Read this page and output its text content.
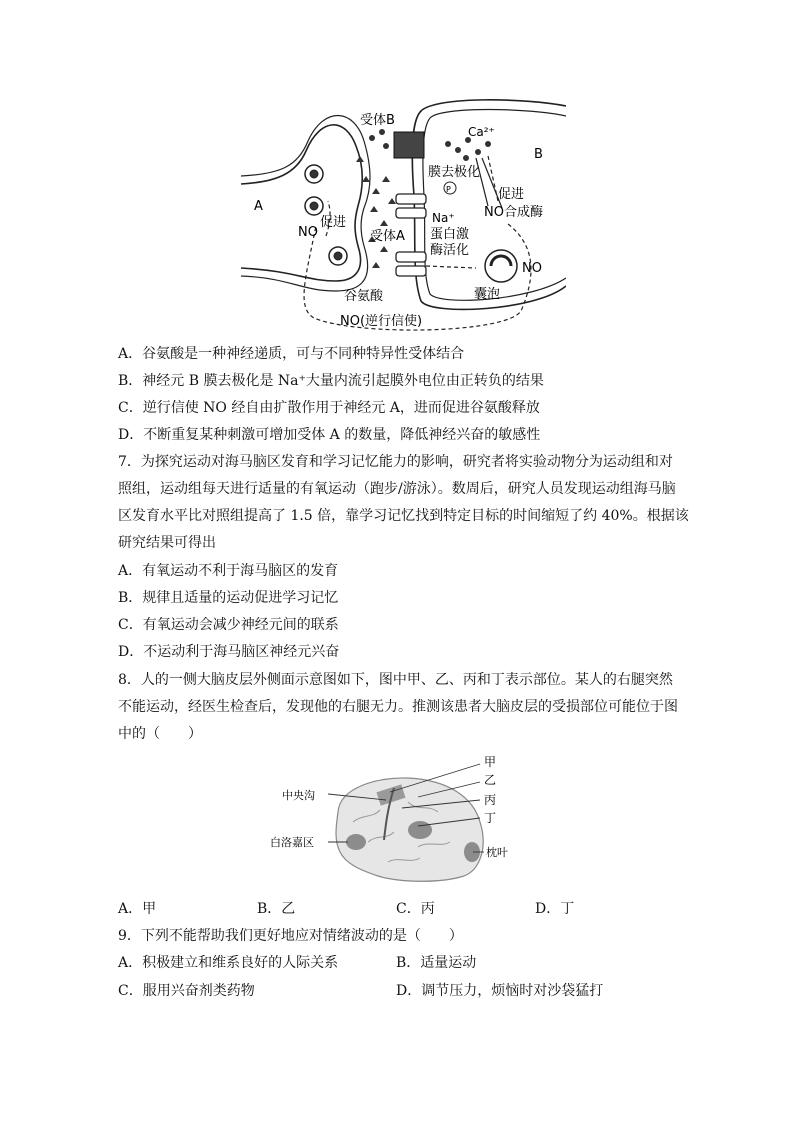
受体B
Ca²⁺
B
膜去极化
促进
NO合成酶
A
促进
NO
Na⁺
受体A 蛋白激
酶活化
NO
谷氨酸	囊泡
NO(逆行信使)
P
A．谷氨酸是一种神经递质，可与不同种特异性受体结合
B．神经元 B 膜去极化是 Na⁺大量内流引起膜外电位由正转负的结果
C．逆行信使 NO 经自由扩散作用于神经元 A，进而促进谷氨酸释放
D．不断重复某种刺激可增加受体 A 的数量，降低神经兴奋的敏感性
7．为探究运动对海马脑区发育和学习记忆能力的影响，研究者将实验动物分为运动组和对
照组，运动组每天进行适量的有氧运动（跑步/游泳）。数周后，研究人员发现运动组海马脑
区发育水平比对照组提高了 1.5 倍，靠学习记忆找到特定目标的时间缩短了约 40%。根据该
研究结果可得出
A．有氧运动不利于海马脑区的发育
B．规律且适量的运动促进学习记忆
C．有氧运动会减少神经元间的联系
D．不运动利于海马脑区神经元兴奋
8．人的一侧大脑皮层外侧面示意图如下，图中甲、乙、丙和丁表示部位。某人的右腿突然
不能运动，经医生检查后，发现他的右腿无力。推测该患者大脑皮层的受损部位可能位于图
中的（　　）
甲
乙
丙
丁
中央沟
白洛嘉区
枕叶
A．甲	B．乙	C．丙	D．丁
9．下列不能帮助我们更好地应对情绪波动的是（　　）
A．积极建立和维系良好的人际关系	B．适量运动
C．服用兴奋剂类药物	D．调节压力，烦恼时对沙袋猛打
